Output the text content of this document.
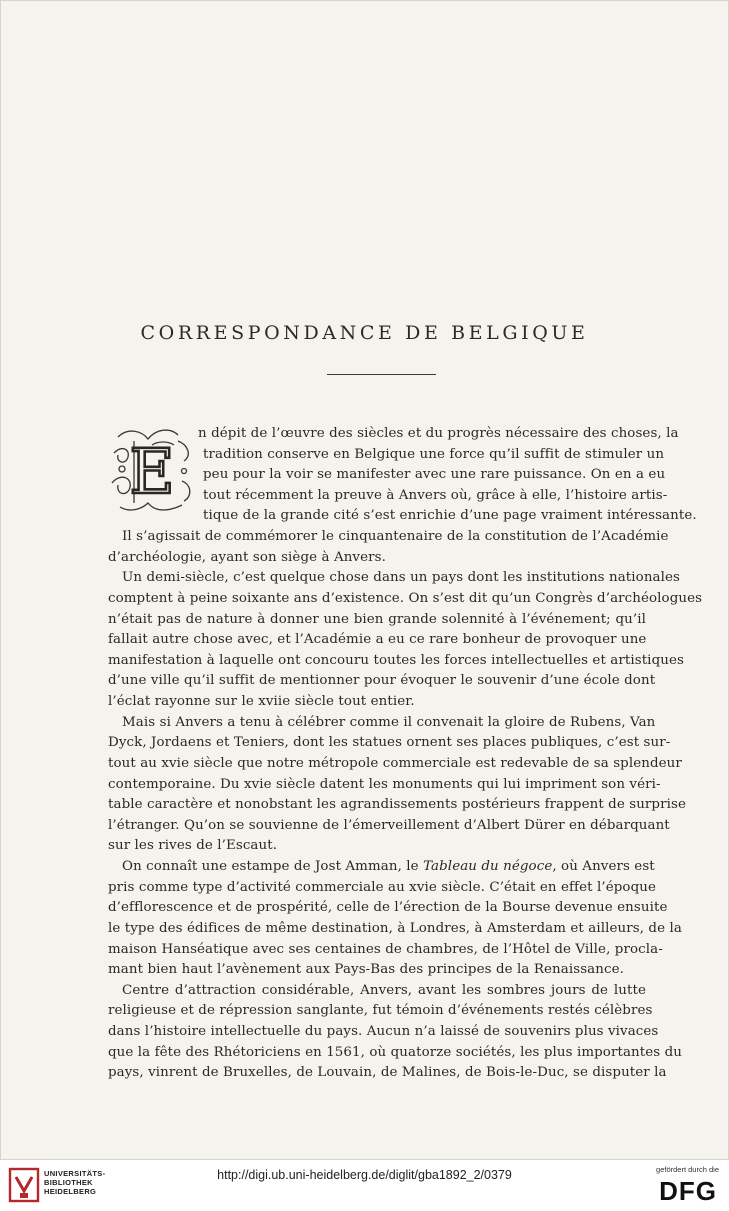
CORRESPONDANCE DE BELGIQUE
E
n dépit de l’œuvre des siècles et du progrès nécessaire des choses, la
tradition conserve en Belgique une force qu’il suffit de stimuler un
peu pour la voir se manifester avec une rare puissance. On en a eu
tout récemment la preuve à Anvers où, grâce à elle, l’histoire artis-
tique de la grande cité s’est enrichie d’une page vraiment intéressante.
Il s’agissait de commémorer le cinquantenaire de la constitution de l’Académie
d’archéologie, ayant son siège à Anvers.
Un demi-siècle, c’est quelque chose dans un pays dont les institutions nationales
comptent à peine soixante ans d’existence. On s’est dit qu’un Congrès d’archéologues
n’était pas de nature à donner une bien grande solennité à l’événement; qu’il
fallait autre chose avec, et l’Académie a eu ce rare bonheur de provoquer une
manifestation à laquelle ont concouru toutes les forces intellectuelles et artistiques
d’une ville qu’il suffit de mentionner pour évoquer le souvenir d’une école dont
l’éclat rayonne sur le xviie siècle tout entier.
Mais si Anvers a tenu à célébrer comme il convenait la gloire de Rubens, Van
Dyck, Jordaens et Teniers, dont les statues ornent ses places publiques, c’est sur-
tout au xvie siècle que notre métropole commerciale est redevable de sa splendeur
contemporaine. Du xvie siècle datent les monuments qui lui impriment son véri-
table caractère et nonobstant les agrandissements postérieurs frappent de surprise
l’étranger. Qu’on se souvienne de l’émerveillement d’Albert Dürer en débarquant
sur les rives de l’Escaut.
On connaît une estampe de Jost Amman, le Tableau du négoce, où Anvers est
pris comme type d’activité commerciale au xvie siècle. C’était en effet l’époque
d’efflorescence et de prospérité, celle de l’érection de la Bourse devenue ensuite
le type des édifices de même destination, à Londres, à Amsterdam et ailleurs, de la
maison Hanséatique avec ses centaines de chambres, de l’Hôtel de Ville, procla-
mant bien haut l’avènement aux Pays-Bas des principes de la Renaissance.
Centre d’attraction considérable, Anvers, avant les sombres jours de lutte
religieuse et de répression sanglante, fut témoin d’événements restés célèbres
dans l’histoire intellectuelle du pays. Aucun n’a laissé de souvenirs plus vivaces
que la fête des Rhétoriciens en 1561, où quatorze sociétés, les plus importantes du
pays, vinrent de Bruxelles, de Louvain, de Malines, de Bois-le-Duc, se disputer la
UNIVERSITÄTS-
BIBLIOTHEK
HEIDELBERG
http://digi.ub.uni-heidelberg.de/diglit/gba1892_2/0379	gefördert durch die
DFG
